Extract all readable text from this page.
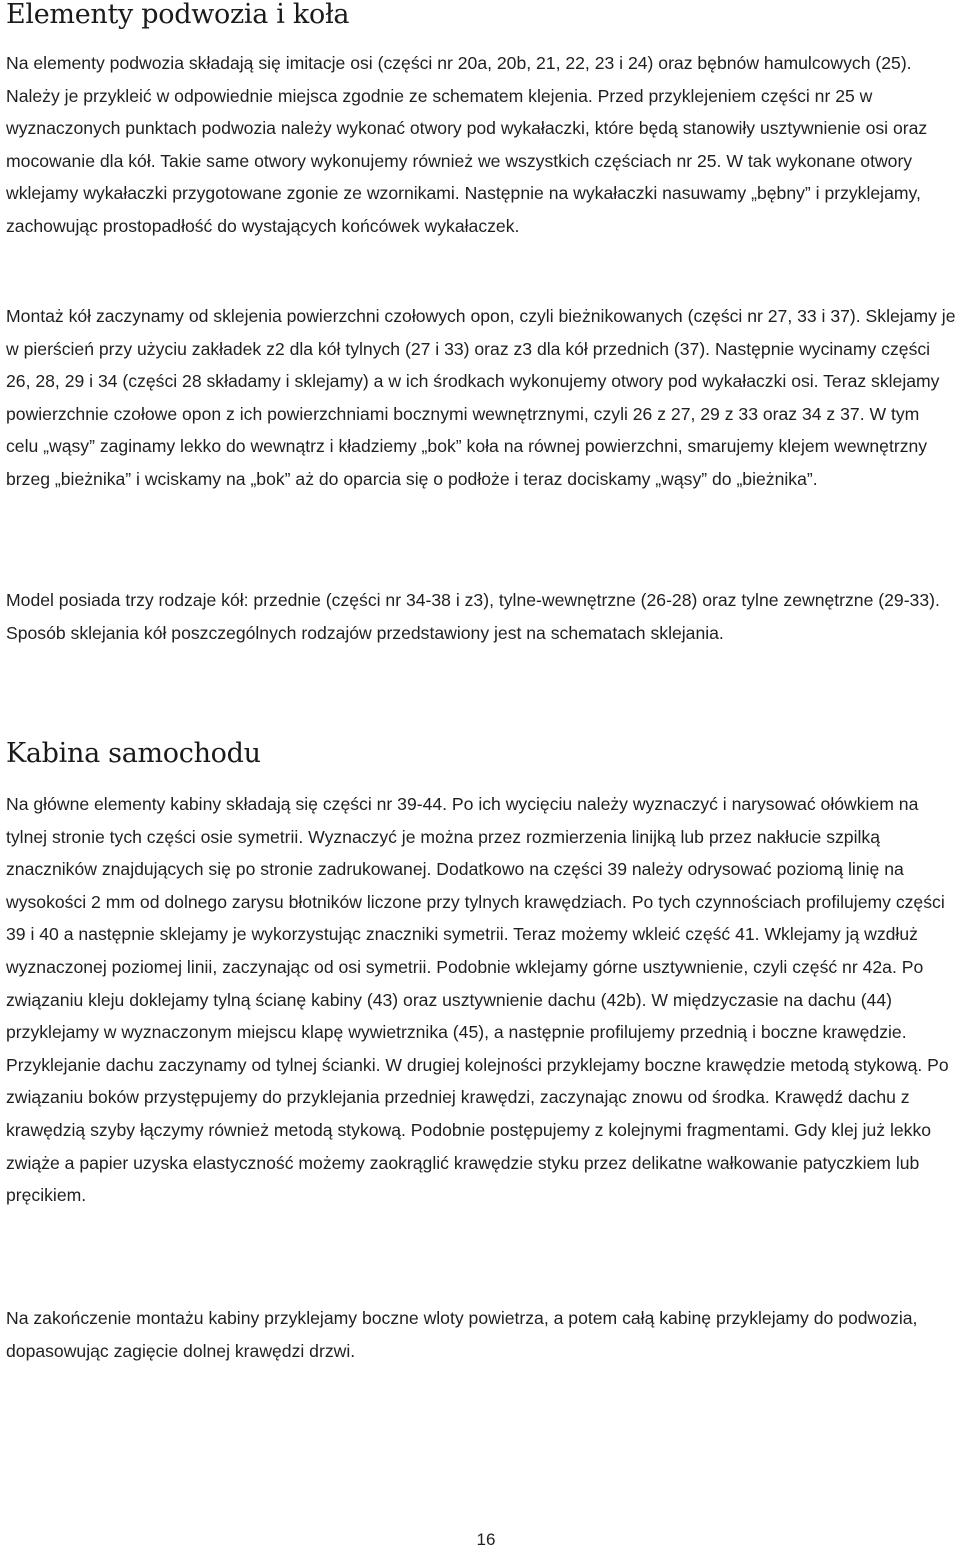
Elementy podwozia i koła

Na elementy podwozia składają się imitacje osi (części nr 20a, 20b, 21, 22, 23 i 24) oraz bębnów hamulcowych (25). Należy je przykleić w odpowiednie miejsca zgodnie ze schematem klejenia. Przed przyklejeniem części nr 25 w wyznaczonych punktach podwozia należy wykonać otwory pod wykałaczki, które będą stanowiły usztywnienie osi oraz mocowanie dla kół. Takie same otwory wykonujemy również we wszystkich częściach nr 25. W tak wykonane otwory wklejamy wykałaczki przygotowane zgonie ze wzornikami. Następnie na wykałaczki nasuwamy „bębny” i przyklejamy, zachowując prostopadłość do wystających końcówek wykałaczek.

Montaż kół zaczynamy od sklejenia powierzchni czołowych opon, czyli bieżnikowanych (części nr 27, 33 i 37). Sklejamy je w pierścień przy użyciu zakładek z2 dla kół tylnych (27 i 33) oraz z3 dla kół przednich (37). Następnie wycinamy części 26, 28, 29 i 34 (części 28 składamy i sklejamy) a w ich środkach wykonujemy otwory pod wykałaczki osi. Teraz sklejamy powierzchnie czołowe opon z ich powierzchniami bocznymi wewnętrznymi, czyli 26 z 27, 29 z 33 oraz 34 z 37. W tym celu „wąsy” zaginamy lekko do wewnątrz i kładziemy „bok” koła na równej powierzchni, smarujemy klejem wewnętrzny brzeg „bieżnika” i wciskamy na „bok” aż do oparcia się o podłoże i teraz dociskamy „wąsy” do „bieżnika”.

Model posiada trzy rodzaje kół: przednie (części nr 34-38 i z3), tylne-wewnętrzne (26-28) oraz tylne zewnętrzne (29-33). Sposób sklejania kół poszczególnych rodzajów przedstawiony jest na schematach sklejania.

Kabina samochodu

Na główne elementy kabiny składają się części nr 39-44. Po ich wycięciu należy wyznaczyć i narysować ołówkiem na tylnej stronie tych części osie symetrii. Wyznaczyć je można przez rozmierzenia linijką lub przez nakłucie szpilką znaczników znajdujących się po stronie zadrukowanej. Dodatkowo na części 39 należy odrysować poziomą linię na wysokości 2 mm od dolnego zarysu błotników liczone przy tylnych krawędziach. Po tych czynnościach profilujemy części 39 i 40 a następnie sklejamy je wykorzystując znaczniki symetrii. Teraz możemy wkleić część 41. Wklejamy ją wzdłuż wyznaczonej poziomej linii, zaczynając od osi symetrii. Podobnie wklejamy górne usztywnienie, czyli część nr 42a. Po związaniu kleju doklejamy tylną ścianę kabiny (43) oraz usztywnienie dachu (42b). W międzyczasie na dachu (44) przyklejamy w wyznaczonym miejscu klapę wywietrznika (45), a następnie profilujemy przednią i boczne krawędzie. Przyklejanie dachu zaczynamy od tylnej ścianki. W drugiej kolejności przyklejamy boczne krawędzie metodą stykową. Po związaniu boków przystępujemy do przyklejania przedniej krawędzi, zaczynając znowu od środka. Krawędź dachu z krawędzią szyby łączymy również metodą stykową. Podobnie postępujemy z kolejnymi fragmentami. Gdy klej już lekko zwiąże a papier uzyska elastyczność możemy zaokrąglić krawędzie styku przez delikatne wałkowanie patyczkiem lub pręcikiem.

Na zakończenie montażu kabiny przyklejamy boczne wloty powietrza, a potem całą kabinę przyklejamy do podwozia, dopasowując zagięcie dolnej krawędzi drzwi.

16
